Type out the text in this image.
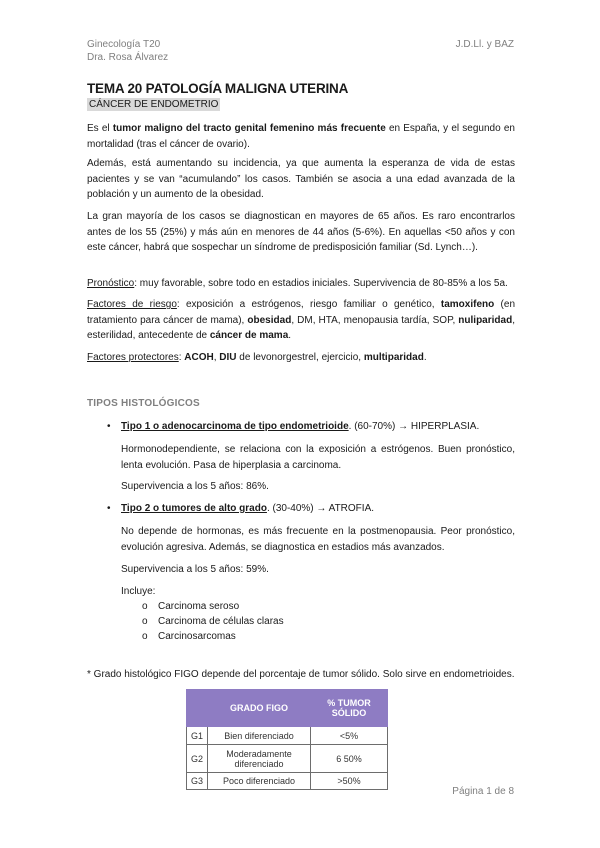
Ginecología T20
Dra. Rosa Álvarez
J.D.Ll. y BAZ
TEMA 20 PATOLOGÍA MALIGNA UTERINA
CÁNCER DE ENDOMETRIO

Es el tumor maligno del tracto genital femenino más frecuente en España, y el segundo en mortalidad (tras el cáncer de ovario).

Además, está aumentando su incidencia, ya que aumenta la esperanza de vida de estas pacientes y se van “acumulando” los casos. También se asocia a una edad avanzada de la población y un aumento de la obesidad.

La gran mayoría de los casos se diagnostican en mayores de 65 años. Es raro encontrarlos antes de los 55 (25%) y más aún en menores de 44 años (5-6%). En aquellas <50 años y con este cáncer, habrá que sospechar un síndrome de predisposición familiar (Sd. Lynch…).

Pronóstico: muy favorable, sobre todo en estadios iniciales. Supervivencia de 80-85% a los 5a.

Factores de riesgo: exposición a estrógenos, riesgo familiar o genético, tamoxifeno (en tratamiento para cáncer de mama), obesidad, DM, HTA, menopausia tardía, SOP, nuliparidad, esterilidad, antecedente de cáncer de mama.

Factores protectores: ACOH, DIU de levonorgestrel, ejercicio, multiparidad.

TIPOS HISTOLÓGICOS
• Tipo 1 o adenocarcinoma de tipo endometrioide. (60-70%) → HIPERPLASIA.

Hormonodependiente, se relaciona con la exposición a estrógenos. Buen pronóstico, lenta evolución. Pasa de hiperplasia a carcinoma.

Supervivencia a los 5 años: 86%.
• Tipo 2 o tumores de alto grado. (30-40%) → ATROFIA.

No depende de hormonas, es más frecuente en la postmenopausia. Peor pronóstico, evolución agresiva. Además, se diagnostica en estadios más avanzados.

Supervivencia a los 5 años: 59%.
Incluye:
o Carcinoma seroso
o Carcinoma de células claras
o Carcinosarcomas
* Grado histológico FIGO depende del porcentaje de tumor sólido. Solo sirve en endometrioides.
	GRADO FIGO	% TUMOR SÓLIDO
G1	Bien diferenciado	<5%
G2	Moderadamente diferenciado	6 50%
G3	Poco diferenciado	>50%
Página 1 de 8
